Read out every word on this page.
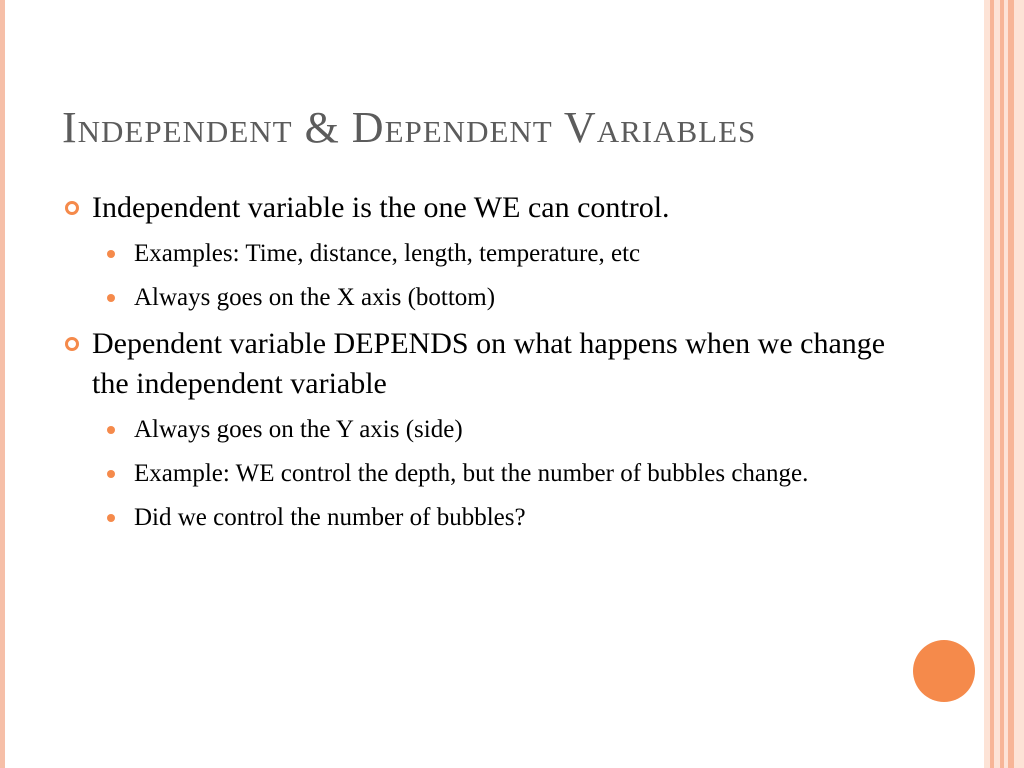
Independent & Dependent Variables
Independent variable is the one WE can control.
Examples: Time, distance, length, temperature, etc
Always goes on the X axis (bottom)
Dependent variable DEPENDS on what happens when we change the independent variable
Always goes on the Y axis (side)
Example: WE control the depth, but the number of bubbles change.
Did we control the number of bubbles?
